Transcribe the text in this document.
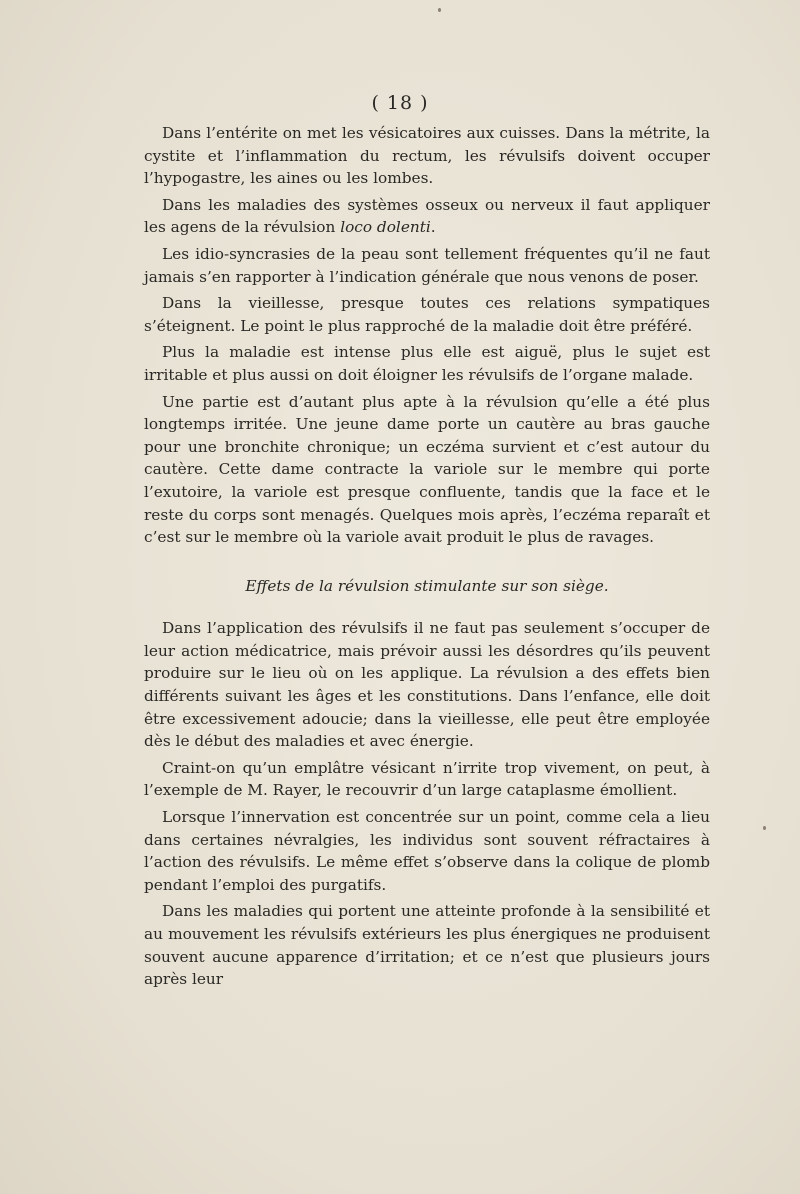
( 18 )

Dans l’entérite on met les vésicatoires aux cuisses. Dans la métrite, la cystite et l’inflammation du rectum, les révulsifs doivent occuper l’hypogastre, les aines ou les lombes.

Dans les maladies des systèmes osseux ou nerveux il faut appliquer les agens de la révulsion loco dolenti.

Les idio-syncrasies de la peau sont tellement fréquentes qu’il ne faut jamais s’en rapporter à l’indication générale que nous venons de poser.

Dans la vieillesse, presque toutes ces relations sympatiques s’éteignent. Le point le plus rapproché de la maladie doit être préféré.

Plus la maladie est intense plus elle est aiguë, plus le sujet est irritable et plus aussi on doit éloigner les révulsifs de l’organe malade.

Une partie est d’autant plus apte à la révulsion qu’elle a été plus longtemps irritée. Une jeune dame porte un cautère au bras gauche pour une bronchite chronique; un eczéma survient et c’est autour du cautère. Cette dame contracte la variole sur le membre qui porte l’exutoire, la variole est presque confluente, tandis que la face et le reste du corps sont menagés. Quelques mois après, l’eczéma reparaît et c’est sur le membre où la variole avait produit le plus de ravages.

Effets de la révulsion stimulante sur son siège.

Dans l’application des révulsifs il ne faut pas seulement s’occuper de leur action médicatrice, mais prévoir aussi les désordres qu’ils peuvent produire sur le lieu où on les applique. La révulsion a des effets bien différents suivant les âges et les constitutions. Dans l’enfance, elle doit être excessivement adoucie; dans la vieillesse, elle peut être employée dès le début des maladies et avec énergie.

Craint-on qu’un emplâtre vésicant n’irrite trop vivement, on peut, à l’exemple de M. Rayer, le recouvrir d’un large cataplasme émollient.

Lorsque l’innervation est concentrée sur un point, comme cela a lieu dans certaines névralgies, les individus sont souvent réfractaires à l’action des révulsifs. Le même effet s’observe dans la colique de plomb pendant l’emploi des purgatifs.

Dans les maladies qui portent une atteinte profonde à la sensibilité et au mouvement les révulsifs extérieurs les plus énergiques ne produisent souvent aucune apparence d’irritation; et ce n’est que plusieurs jours après leur
